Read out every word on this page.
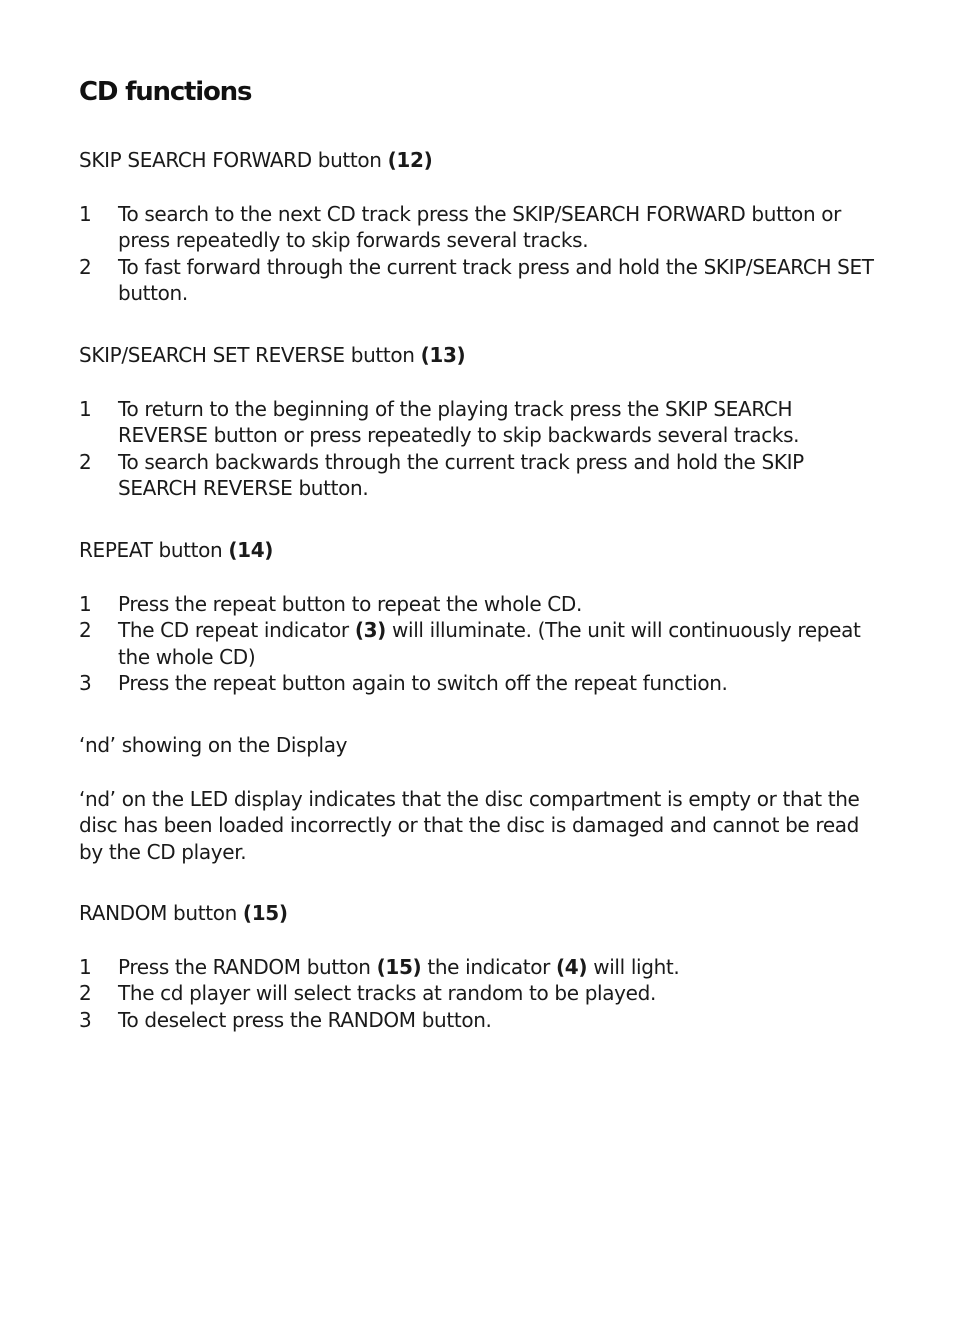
CD functions
SKIP SEARCH FORWARD button (12)
1 To search to the next CD track press the SKIP/SEARCH FORWARD button or press repeatedly to skip forwards several tracks.
2 To fast forward through the current track press and hold the SKIP/SEARCH SET button.
SKIP/SEARCH SET REVERSE button (13)
1 To return to the beginning of the playing track press the SKIP SEARCH REVERSE button or press repeatedly to skip backwards several tracks.
2 To search backwards through the current track press and hold the SKIP SEARCH REVERSE button.
REPEAT button (14)
1 Press the repeat button to repeat the whole CD.
2 The CD repeat indicator (3) will illuminate. (The unit will continuously repeat the whole CD)
3 Press the repeat button again to switch off the repeat function.
‘nd’ showing on the Display
‘nd’ on the LED display indicates that the disc compartment is empty or that the disc has been loaded incorrectly or that the disc is damaged and cannot be read by the CD player.
RANDOM button (15)
1 Press the RANDOM button (15) the indicator (4) will light.
2 The cd player will select tracks at random to be played.
3 To deselect press the RANDOM button.
